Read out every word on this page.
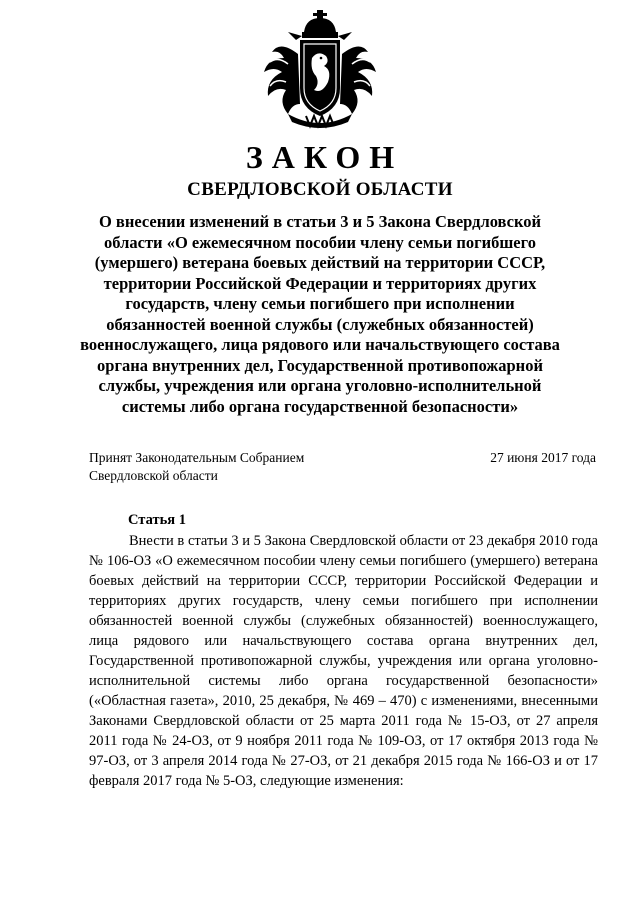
ЗАКОН
СВЕРДЛОВСКОЙ ОБЛАСТИ
О внесении изменений в статьи 3 и 5 Закона Свердловской области «О ежемесячном пособии члену семьи погибшего (умершего) ветерана боевых действий на территории СССР, территории Российской Федерации и территориях других государств, члену семьи погибшего при исполнении обязанностей военной службы (служебных обязанностей) военнослужащего, лица рядового или начальствующего состава органа внутренних дел, Государственной противопожарной службы, учреждения или органа уголовно-исполнительной системы либо органа государственной безопасности»
Принят Законодательным Собранием
Свердловской области
27 июня 2017 года
Статья 1

Внести в статьи 3 и 5 Закона Свердловской области от 23 декабря 2010 года № 106-ОЗ «О ежемесячном пособии члену семьи погибшего (умершего) ветерана боевых действий на территории СССР, территории Российской Федерации и территориях других государств, члену семьи погибшего при исполнении обязанностей военной службы (служебных обязанностей) военнослужащего, лица рядового или начальствующего состава органа внутренних дел, Государственной противопожарной службы, учреждения или органа уголовно-исполнительной системы либо органа государственной безопасности» («Областная газета», 2010, 25 декабря, № 469 – 470) с изменениями, внесенными Законами Свердловской области от 25 марта 2011 года № 15-ОЗ, от 27 апреля 2011 года № 24-ОЗ, от 9 ноября 2011 года № 109-ОЗ, от 17 октября 2013 года № 97-ОЗ, от 3 апреля 2014 года № 27-ОЗ, от 21 декабря 2015 года № 166-ОЗ и от 17 февраля 2017 года № 5-ОЗ, следующие изменения:
